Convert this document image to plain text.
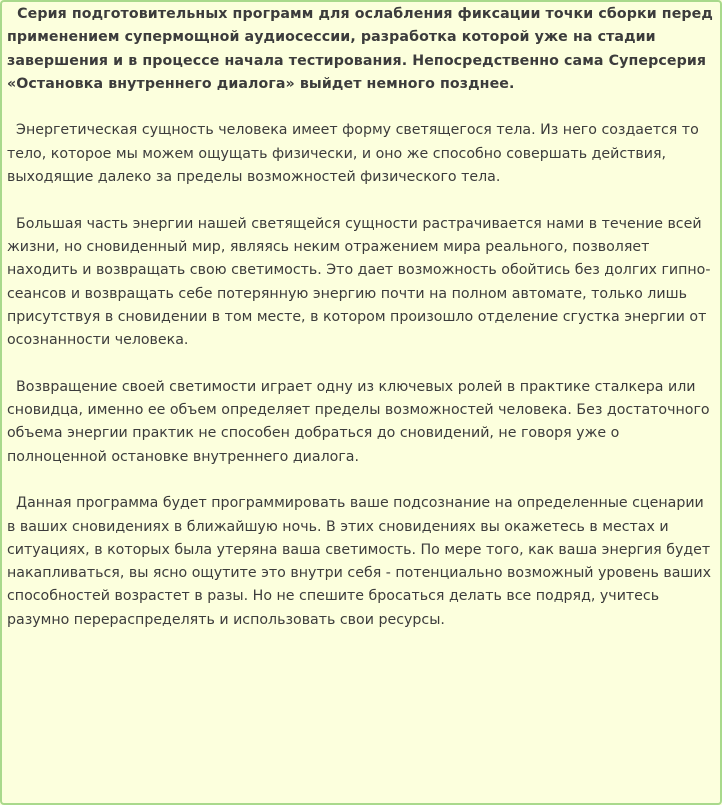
Серия подготовительных программ для ослабления фиксации точки сборки перед применением супермощной аудиосессии, разработка которой уже на стадии завершения и в процессе начала тестирования. Непосредственно сама Суперсерия «Остановка внутреннего диалога» выйдет немного позднее.

Энергетическая сущность человека имеет форму светящегося тела. Из него создается то тело, которое мы можем ощущать физически, и оно же способно совершать действия, выходящие далеко за пределы возможностей физического тела.

Большая часть энергии нашей светящейся сущности растрачивается нами в течение всей жизни, но сновиденный мир, являясь неким отражением мира реального, позволяет находить и возвращать свою светимость. Это дает возможность обойтись без долгих гипно-сеансов и возвращать себе потерянную энергию почти на полном автомате, только лишь присутствуя в сновидении в том месте, в котором произошло отделение сгустка энергии от осознанности человека.

Возвращение своей светимости играет одну из ключевых ролей в практике сталкера или сновидца, именно ее объем определяет пределы возможностей человека. Без достаточного объема энергии практик не способен добраться до сновидений, не говоря уже о полноценной остановке внутреннего диалога.

Данная программа будет программировать ваше подсознание на определенные сценарии в ваших сновидениях в ближайшую ночь. В этих сновидениях вы окажетесь в местах и ситуациях, в которых была утеряна ваша светимость. По мере того, как ваша энергия будет накапливаться, вы ясно ощутите это внутри себя - потенциально возможный уровень ваших способностей возрастет в разы. Но не спешите бросаться делать все подряд, учитесь разумно перераспределять и использовать свои ресурсы.
